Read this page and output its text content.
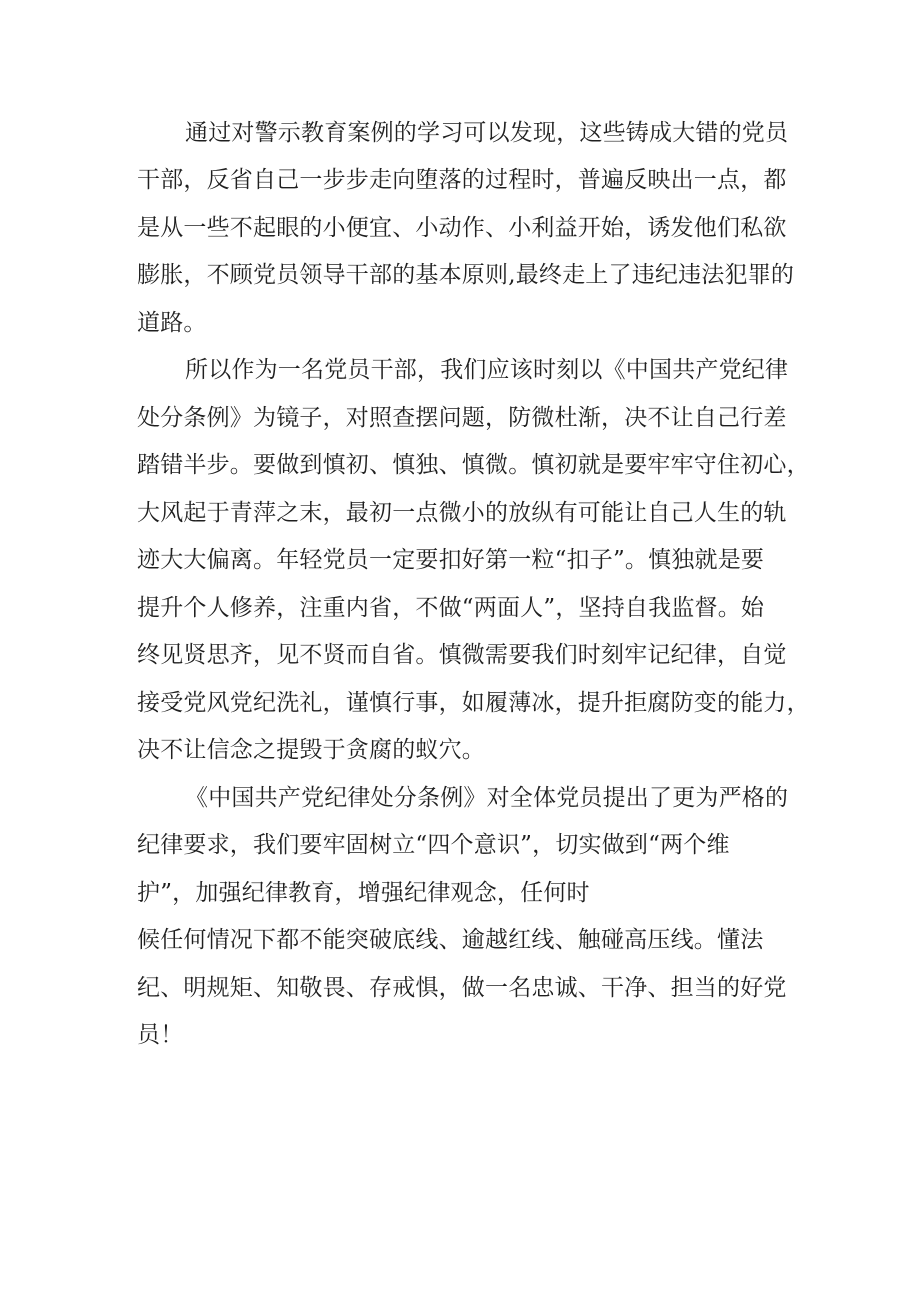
通过对警示教育案例的学习可以发现，这些铸成大错的党员

干部，反省自己一步步走向堕落的过程时，普遍反映出一点，都

是从一些不起眼的小便宜、小动作、小利益开始，诱发他们私欲

膨胀，不顾党员领导干部的基本原则,最终走上了违纪违法犯罪的

道路。

所以作为一名党员干部，我们应该时刻以《中国共产党纪律

处分条例》为镜子，对照查摆问题，防微杜渐，决不让自己行差

踏错半步。要做到慎初、慎独、慎微。慎初就是要牢牢守住初心，

大风起于青萍之末，最初一点微小的放纵有可能让自己人生的轨

迹大大偏离。年轻党员一定要扣好第一粒“扣子”。慎独就是要

提升个人修养，注重内省，不做“两面人”，坚持自我监督。始

终见贤思齐，见不贤而自省。慎微需要我们时刻牢记纪律，自觉

接受党风党纪洗礼，谨慎行事，如履薄冰，提升拒腐防变的能力，

决不让信念之提毁于贪腐的蚁穴。

《中国共产党纪律处分条例》对全体党员提出了更为严格的

纪律要求，我们要牢固树立“四个意识”，切实做到“两个维

护”，加强纪律教育，增强纪律观念，任何时

候任何情况下都不能突破底线、逾越红线、触碰高压线。懂法

纪、明规矩、知敬畏、存戒惧，做一名忠诚、干净、担当的好党

员！
